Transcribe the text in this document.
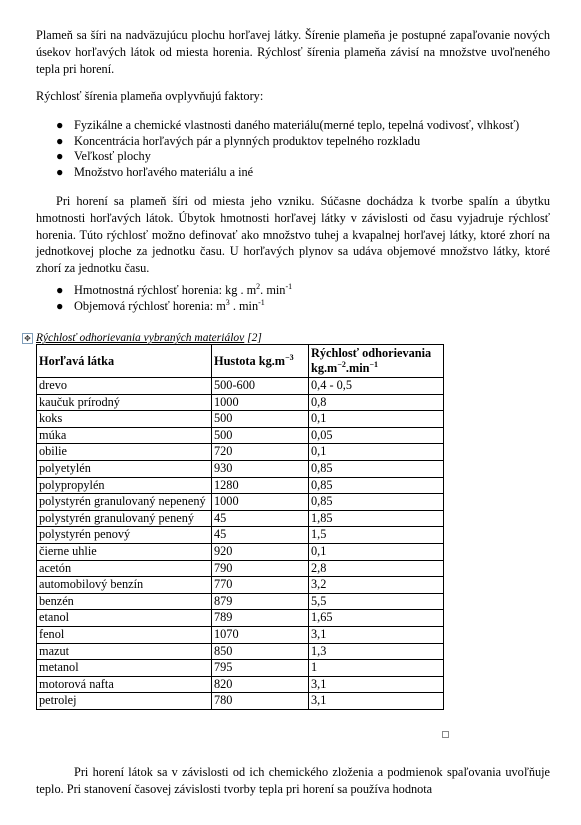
Plameň sa šíri na nadväzujúcu plochu horľavej látky. Šírenie plameňa je postupné zapaľovanie nových úsekov horľavých látok od miesta horenia. Rýchlosť šírenia plameňa závisí na množstve uvoľneného tepla pri horení.

Rýchlosť šírenia plameňa ovplyvňujú faktory:

● Fyzikálne a chemické vlastnosti daného materiálu(merné teplo, tepelná vodivosť, vlhkosť)
● Koncentrácia horľavých pár a plynných produktov tepelného rozkladu
● Veľkosť plochy
● Množstvo horľavého materiálu a iné

Pri horení sa plameň šíri od miesta jeho vzniku. Súčasne dochádza k tvorbe spalín a úbytku hmotnosti horľavých látok. Úbytok hmotnosti horľavej látky v závislosti od času vyjadruje rýchlosť horenia. Túto rýchlosť možno definovať ako množstvo tuhej a kvapalnej horľavej látky, ktoré zhorí na jednotkovej ploche za jednotku času. U horľavých plynov sa udáva objemové množstvo látky, ktoré zhorí za jednotku času.

● Hmotnostná rýchlosť horenia: kg . $m^2$. $\min^{-1}$
● Objemová rýchlosť horenia: $m^3$ . $\min^{-1}$
✥ Rýchlosť odhorievania vybraných materiálov [2]
Horľavá látka	Hustota $kg.m^{-3}$	Rýchlosť odhorievania
$kg.m^{-2}.\min^{-1}$
drevo	500-600	0,4 - 0,5
kaučuk prírodný	1000	0,8
koks	500	0,1
múka	500	0,05
obilie	720	0,1
polyetylén	930	0,85
polypropylén	1280	0,85
polystyrén granulovaný nepenený	1000	0,85
polystyrén granulovaný penený	45	1,85
polystyrén penový	45	1,5
čierne uhlie	920	0,1
acetón	790	2,8
automobilový benzín	770	3,2
benzén	879	5,5
etanol	789	1,65
fenol	1070	3,1
mazut	850	1,3
metanol	795	1
motorová nafta	820	3,1
petrolej	780	3,1

Pri horení látok sa v závislosti od ich chemického zloženia a podmienok spaľovania uvoľňuje teplo. Pri stanovení časovej závislosti tvorby tepla pri horení sa používa hodnota
